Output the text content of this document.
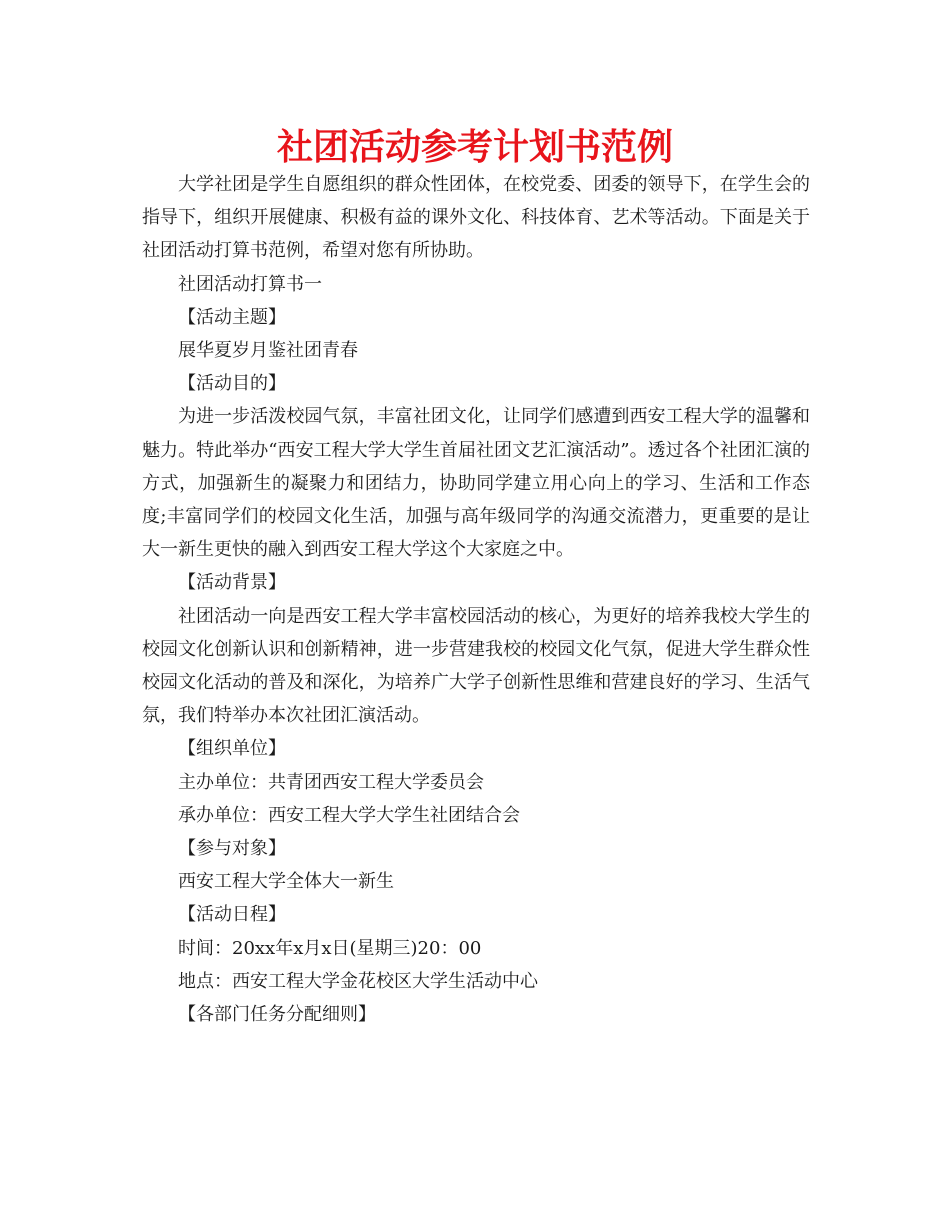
社团活动参考计划书范例

大学社团是学生自愿组织的群众性团体，在校党委、团委的领导下，在学生会的指导下，组织开展健康、积极有益的课外文化、科技体育、艺术等活动。下面是关于社团活动打算书范例，希望对您有所协助。

社团活动打算书一

【活动主题】

展华夏岁月鉴社团青春

【活动目的】

为进一步活泼校园气氛，丰富社团文化，让同学们感遭到西安工程大学的温馨和魅力。特此举办“西安工程大学大学生首届社团文艺汇演活动”。透过各个社团汇演的方式，加强新生的凝聚力和团结力，协助同学建立用心向上的学习、生活和工作态度;丰富同学们的校园文化生活，加强与高年级同学的沟通交流潜力，更重要的是让大一新生更快的融入到西安工程大学这个大家庭之中。

【活动背景】

社团活动一向是西安工程大学丰富校园活动的核心，为更好的培养我校大学生的校园文化创新认识和创新精神，进一步营建我校的校园文化气氛，促进大学生群众性校园文化活动的普及和深化，为培养广大学子创新性思维和营建良好的学习、生活气氛，我们特举办本次社团汇演活动。

【组织单位】

主办单位：共青团西安工程大学委员会

承办单位：西安工程大学大学生社团结合会

【参与对象】

西安工程大学全体大一新生

【活动日程】

时间：20xx年x月x日(星期三)20：00

地点：西安工程大学金花校区大学生活动中心

【各部门任务分配细则】
